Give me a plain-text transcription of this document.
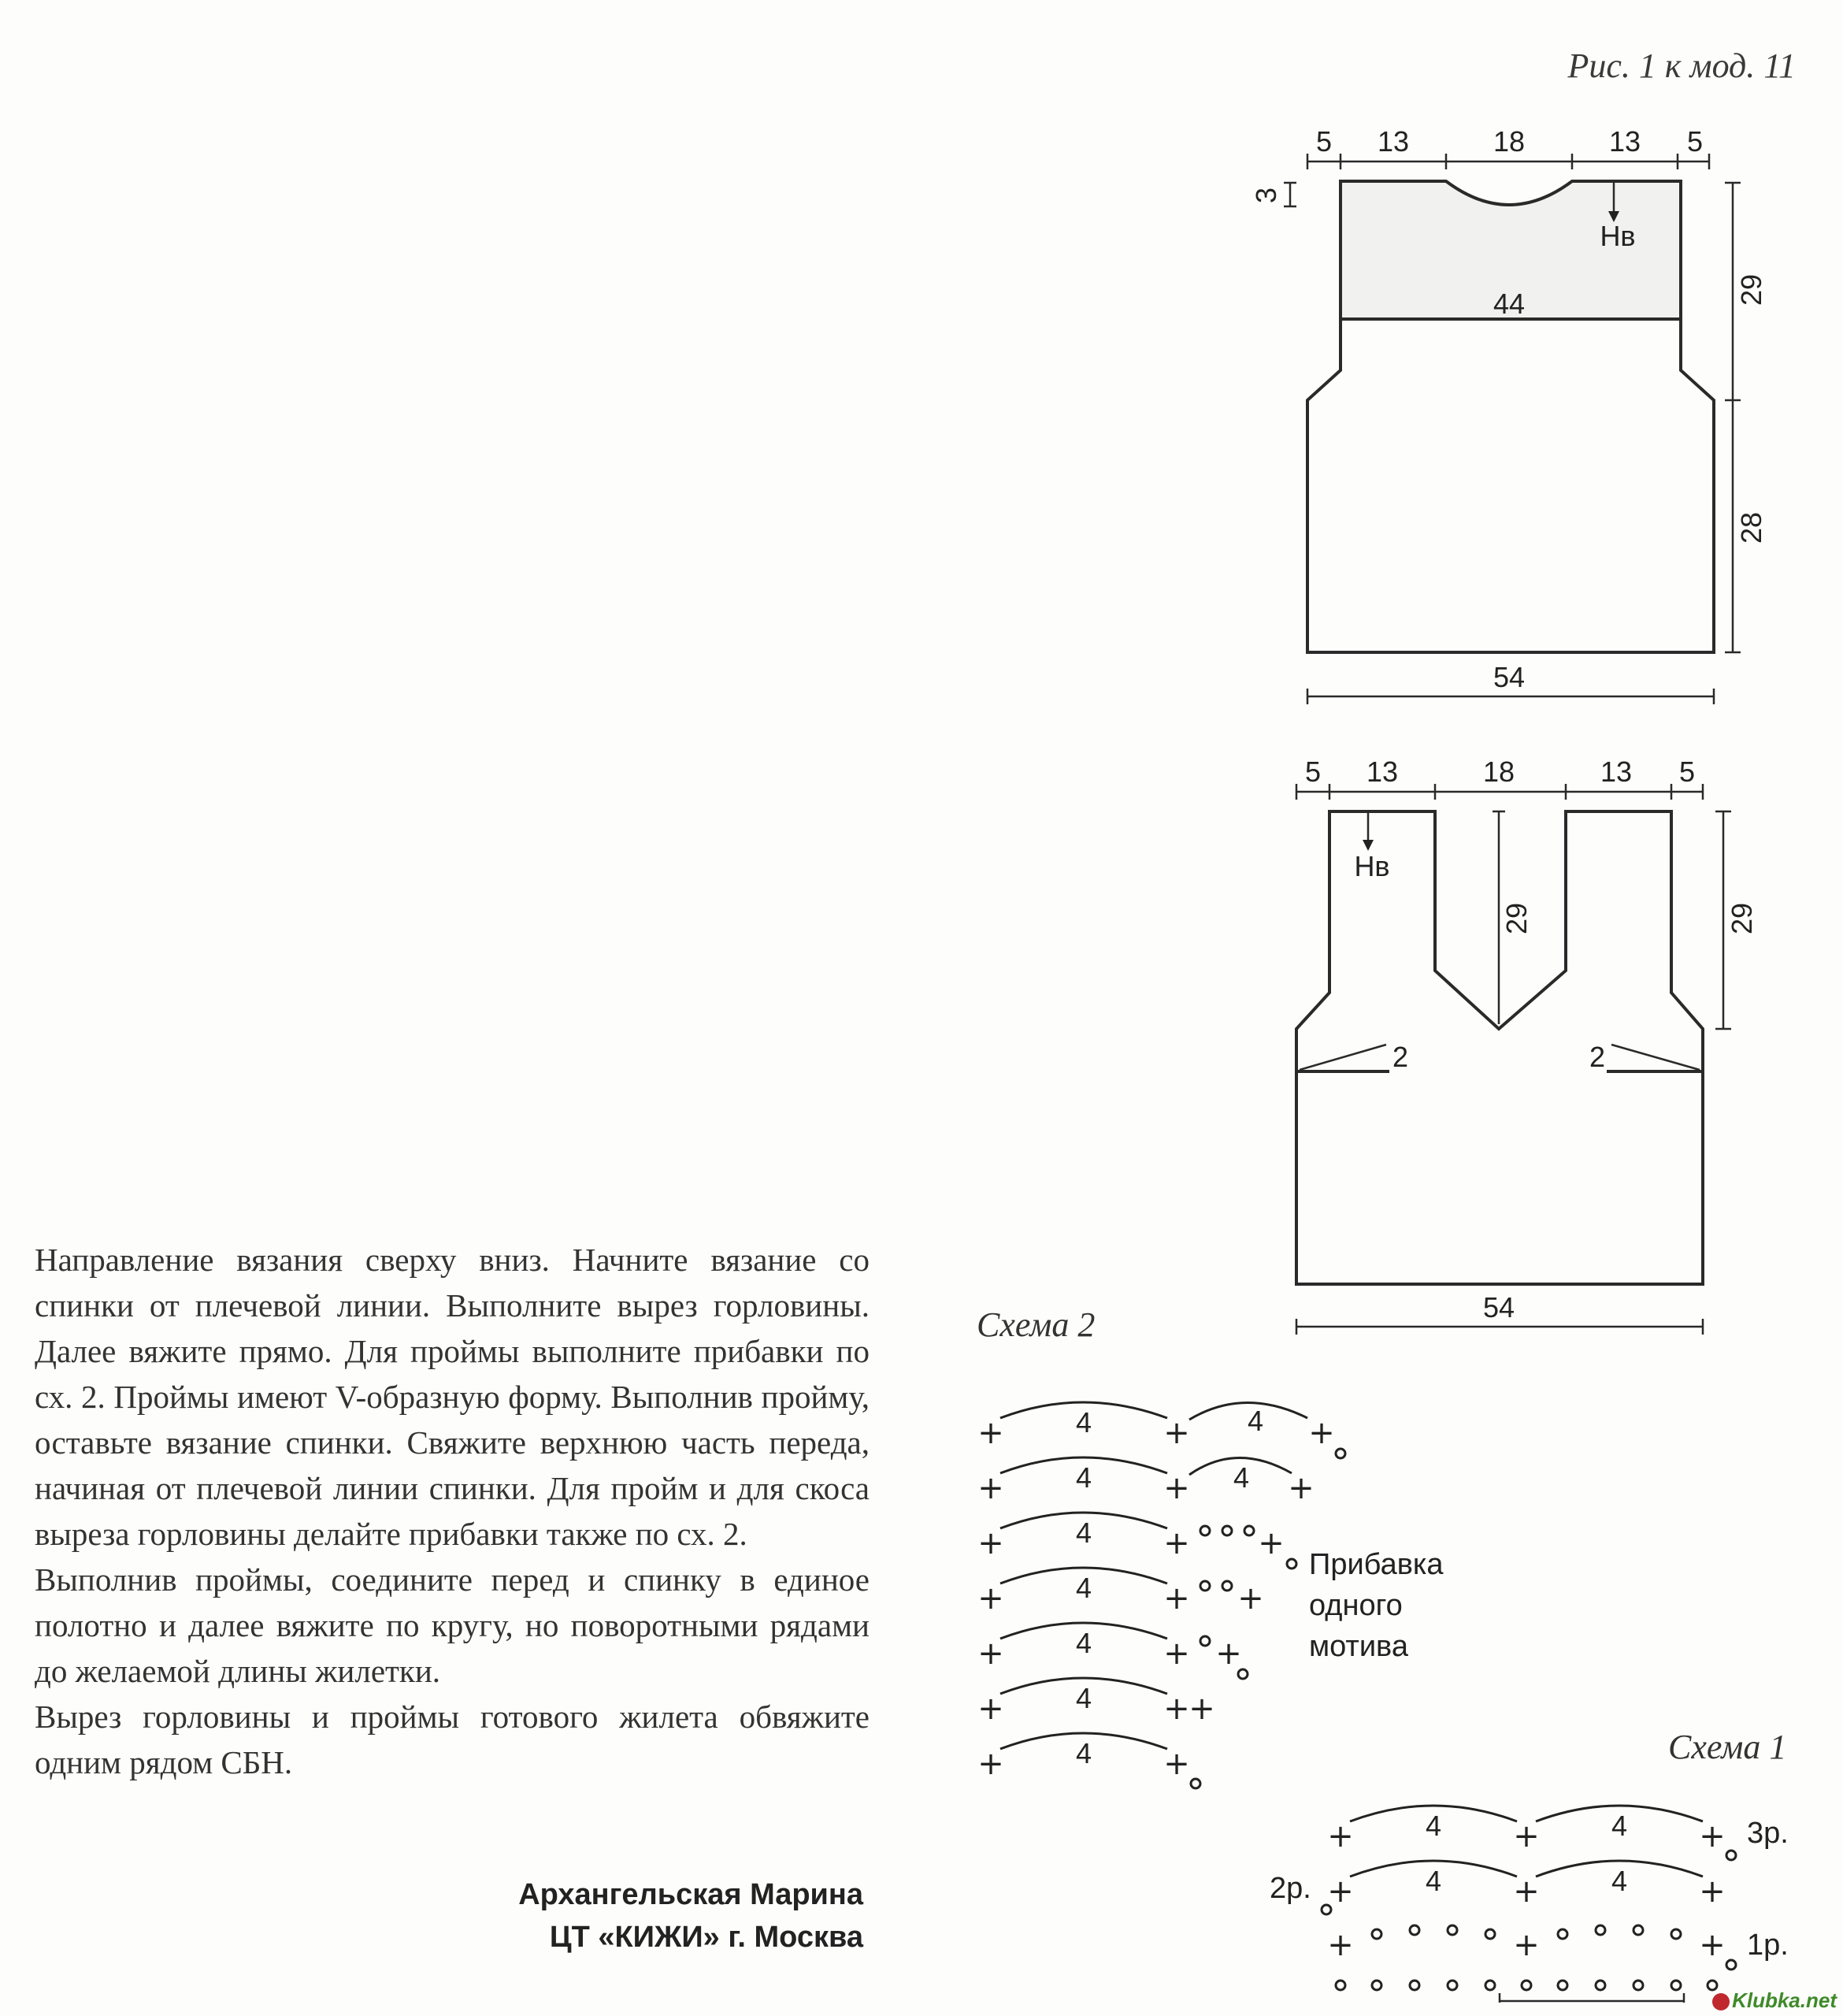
Рис. 1 к мод. 11
5 13	18	13 5
3
Нв
44	29
28
54
5 13	18	13 5
2	2
Нв
29	29
54
+	4 + 4 +
+	4 + 4 +
+	4 + +
+	4 + +
+	4 + +
+	4 +
+
+	4 +
+	4 +	4 +
+	4 +	4 +
+	+	+
Схема 2
Схема 1
Прибавка
одного
мотива
3р.
2р.
1р.

Направление вязания сверху вниз. Начните вязание со спинки от плечевой линии. Выполните вырез горловины. Далее вяжите прямо. Для проймы выполните прибавки по сх. 2. Проймы имеют V-образную форму. Выполнив пройму, оставьте вязание спинки. Свяжите верхнюю часть переда, начиная от плечевой линии спинки. Для пройм и для скоса выреза горловины делайте прибавки также по сх. 2.

Выполнив проймы, соедините перед и спинку в единое полотно и далее вяжите по кругу, но поворотными рядами до желаемой длины жилетки.

Вырез горловины и проймы готового жилета обвяжите одним рядом СБН.

Архангельская Марина
ЦТ «КИЖИ» г. Москва
Klubka.net
